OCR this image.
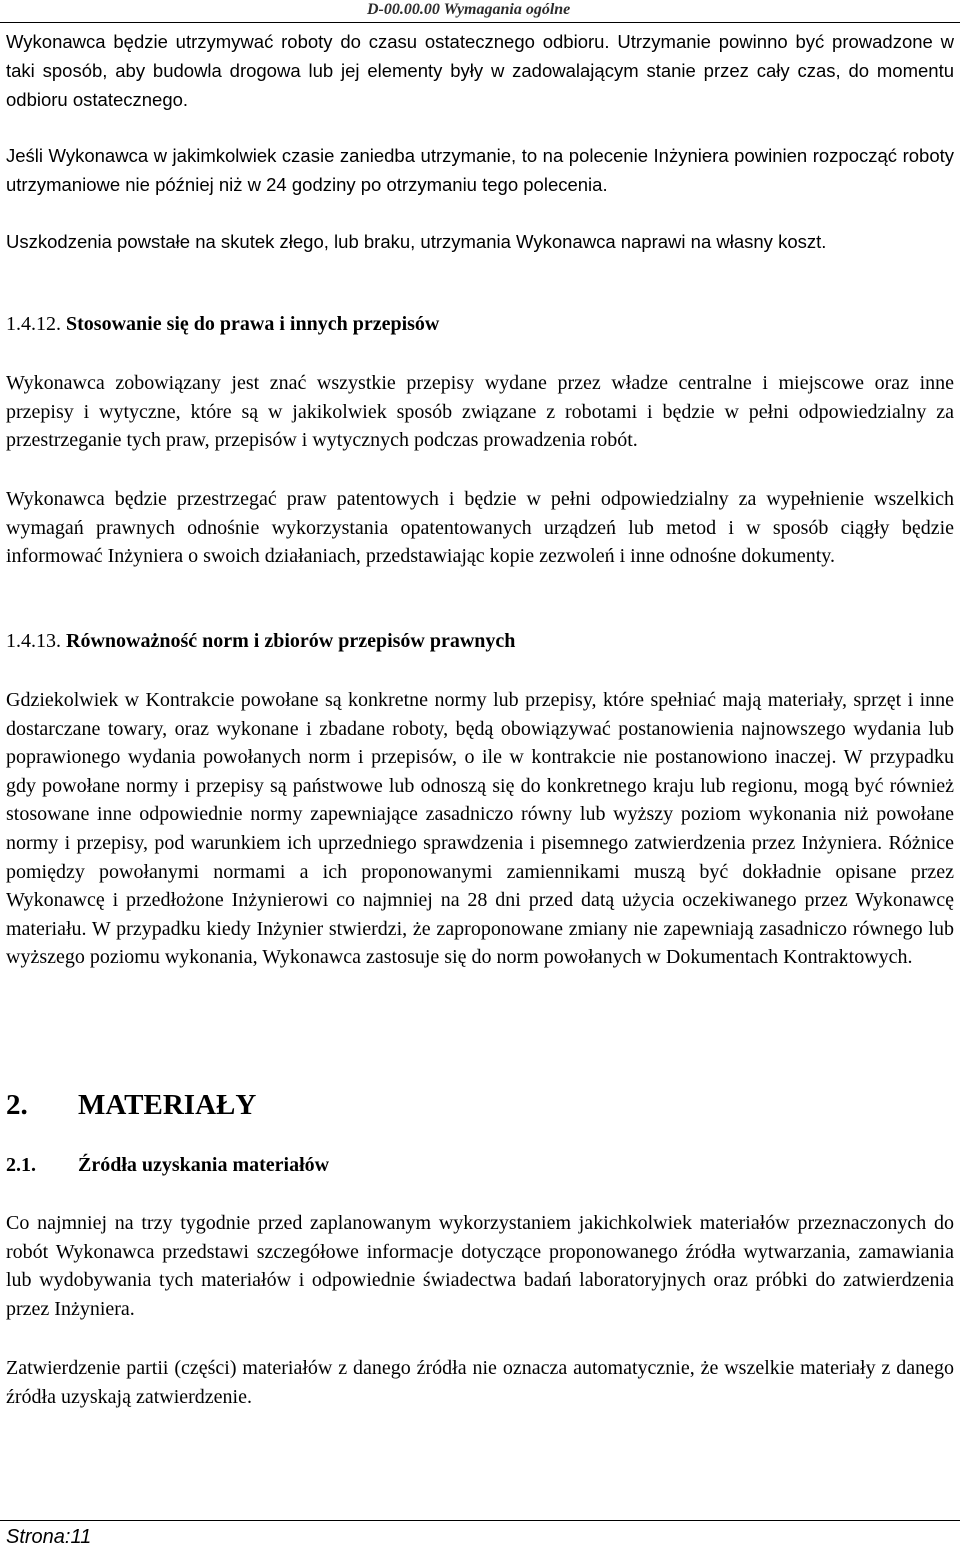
D-00.00.00 Wymagania ogólne

Wykonawca będzie utrzymywać roboty do czasu ostatecznego odbioru. Utrzymanie powinno być prowadzone w taki sposób, aby budowla drogowa lub jej elementy były w zadowalającym stanie przez cały czas, do momentu odbioru ostatecznego.

Jeśli Wykonawca w jakimkolwiek czasie zaniedba utrzymanie, to na polecenie Inżyniera powinien rozpocząć roboty utrzymaniowe nie później niż w 24 godziny po otrzymaniu tego polecenia.

Uszkodzenia powstałe na skutek złego, lub braku, utrzymania Wykonawca naprawi na własny koszt.

1.4.12. Stosowanie się do prawa i innych przepisów

Wykonawca zobowiązany jest znać wszystkie przepisy wydane przez władze centralne i miejscowe oraz inne przepisy i wytyczne, które są w jakikolwiek sposób związane z robotami i będzie w pełni odpowiedzialny za przestrzeganie tych praw, przepisów i wytycznych podczas prowadzenia robót.

Wykonawca będzie przestrzegać praw patentowych i będzie w pełni odpowiedzialny za wypełnienie wszelkich wymagań prawnych odnośnie wykorzystania opatentowanych urządzeń lub metod i w sposób ciągły będzie informować Inżyniera o swoich działaniach, przedstawiając kopie zezwoleń i inne odnośne dokumenty.

1.4.13. Równoważność norm i zbiorów przepisów prawnych

Gdziekolwiek w Kontrakcie powołane są konkretne normy lub przepisy, które spełniać mają materiały, sprzęt i inne dostarczane towary, oraz wykonane i zbadane roboty, będą obowiązywać postanowienia najnowszego wydania lub poprawionego wydania powołanych norm i przepisów, o ile w kontrakcie nie postanowiono inaczej. W przypadku gdy powołane normy i przepisy są państwowe lub odnoszą się do konkretnego kraju lub regionu, mogą być również stosowane inne odpowiednie normy zapewniające zasadniczo równy lub wyższy poziom wykonania niż powołane normy i przepisy, pod warunkiem ich uprzedniego sprawdzenia i pisemnego zatwierdzenia przez Inżyniera. Różnice pomiędzy powołanymi normami a ich proponowanymi zamiennikami muszą być dokładnie opisane przez Wykonawcę i przedłożone Inżynierowi co najmniej na 28 dni przed datą użycia oczekiwanego przez Wykonawcę materiału. W przypadku kiedy Inżynier stwierdzi, że zaproponowane zmiany nie zapewniają zasadniczo równego lub wyższego poziomu wykonania, Wykonawca zastosuje się do norm powołanych w Dokumentach Kontraktowych.

2. MATERIAŁY
2.1. Źródła uzyskania materiałów

Co najmniej na trzy tygodnie przed zaplanowanym wykorzystaniem jakichkolwiek materiałów przeznaczonych do robót Wykonawca przedstawi szczegółowe informacje dotyczące proponowanego źródła wytwarzania, zamawiania lub wydobywania tych materiałów i odpowiednie świadectwa badań laboratoryjnych oraz próbki do zatwierdzenia przez Inżyniera.

Zatwierdzenie partii (części) materiałów z danego źródła nie oznacza automatycznie, że wszelkie materiały z danego źródła uzyskają zatwierdzenie.

Strona:11
